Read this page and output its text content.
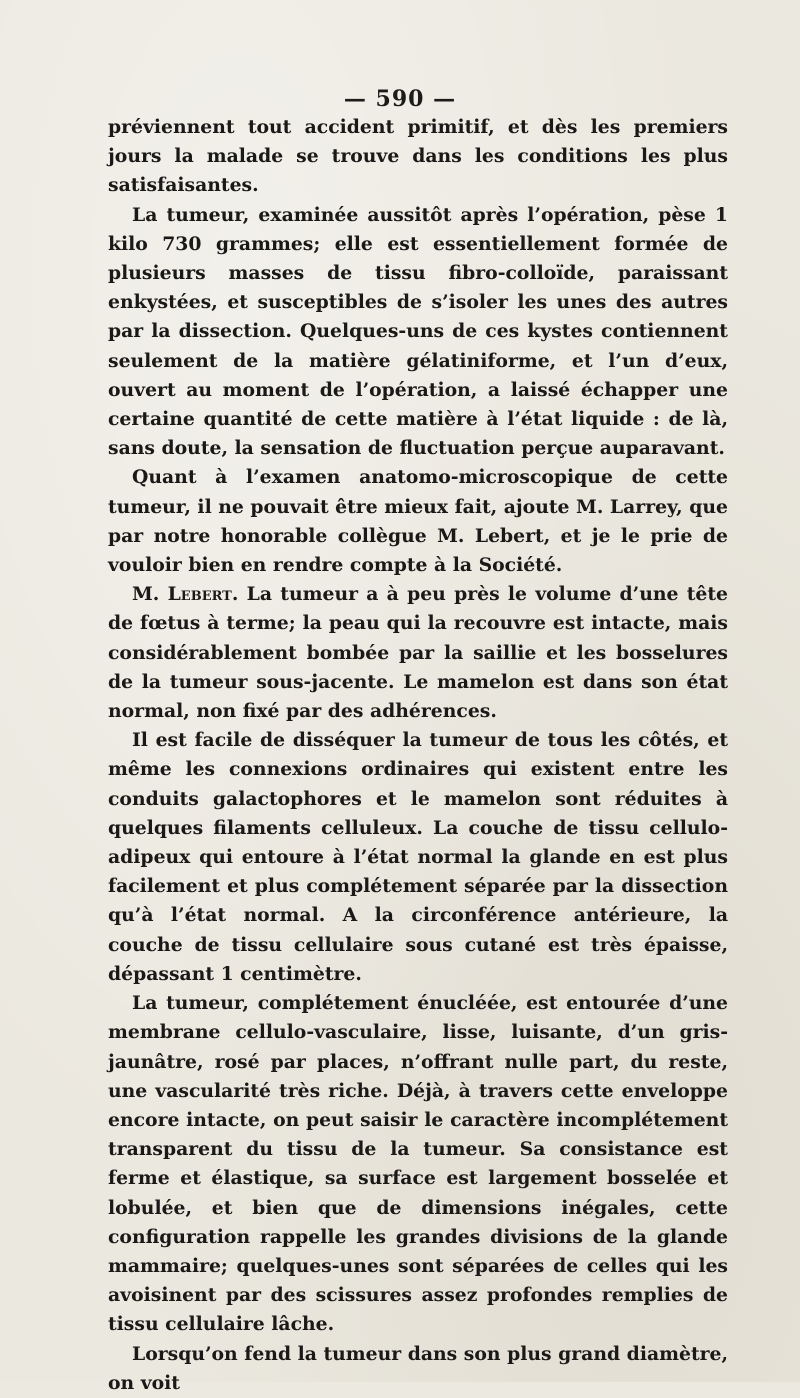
— 590 —

préviennent tout accident primitif, et dès les premiers jours la malade se trouve dans les conditions les plus satisfaisantes.

La tumeur, examinée aussitôt après l’opération, pèse 1 kilo 730 grammes; elle est essentiellement formée de plusieurs masses de tissu fibro-colloïde, paraissant enkystées, et susceptibles de s’isoler les unes des autres par la dissection. Quelques-uns de ces kystes contiennent seulement de la matière gélatiniforme, et l’un d’eux, ouvert au moment de l’opération, a laissé échapper une certaine quantité de cette matière à l’état liquide : de là, sans doute, la sensation de fluctuation perçue auparavant.

Quant à l’examen anatomo-microscopique de cette tumeur, il ne pouvait être mieux fait, ajoute M. Larrey, que par notre honorable collègue M. Lebert, et je le prie de vouloir bien en rendre compte à la Société.

M. Lebert. La tumeur a à peu près le volume d’une tête de fœtus à terme; la peau qui la recouvre est intacte, mais considérablement bombée par la saillie et les bosselures de la tumeur sous-jacente. Le mamelon est dans son état normal, non fixé par des adhérences.

Il est facile de disséquer la tumeur de tous les côtés, et même les connexions ordinaires qui existent entre les conduits galactophores et le mamelon sont réduites à quelques filaments celluleux. La couche de tissu cellulo-adipeux qui entoure à l’état normal la glande en est plus facilement et plus complétement séparée par la dissection qu’à l’état normal. A la circonférence antérieure, la couche de tissu cellulaire sous cutané est très épaisse, dépassant 1 centimètre.

La tumeur, complétement énucléée, est entourée d’une membrane cellulo-vasculaire, lisse, luisante, d’un gris-jaunâtre, rosé par places, n’offrant nulle part, du reste, une vascularité très riche. Déjà, à travers cette enveloppe encore intacte, on peut saisir le caractère incomplétement transparent du tissu de la tumeur. Sa consistance est ferme et élastique, sa surface est largement bosselée et lobulée, et bien que de dimensions inégales, cette configuration rappelle les grandes divisions de la glande mammaire; quelques-unes sont séparées de celles qui les avoisinent par des scissures assez profondes remplies de tissu cellulaire lâche.

Lorsqu’on fend la tumeur dans son plus grand diamètre, on voit
